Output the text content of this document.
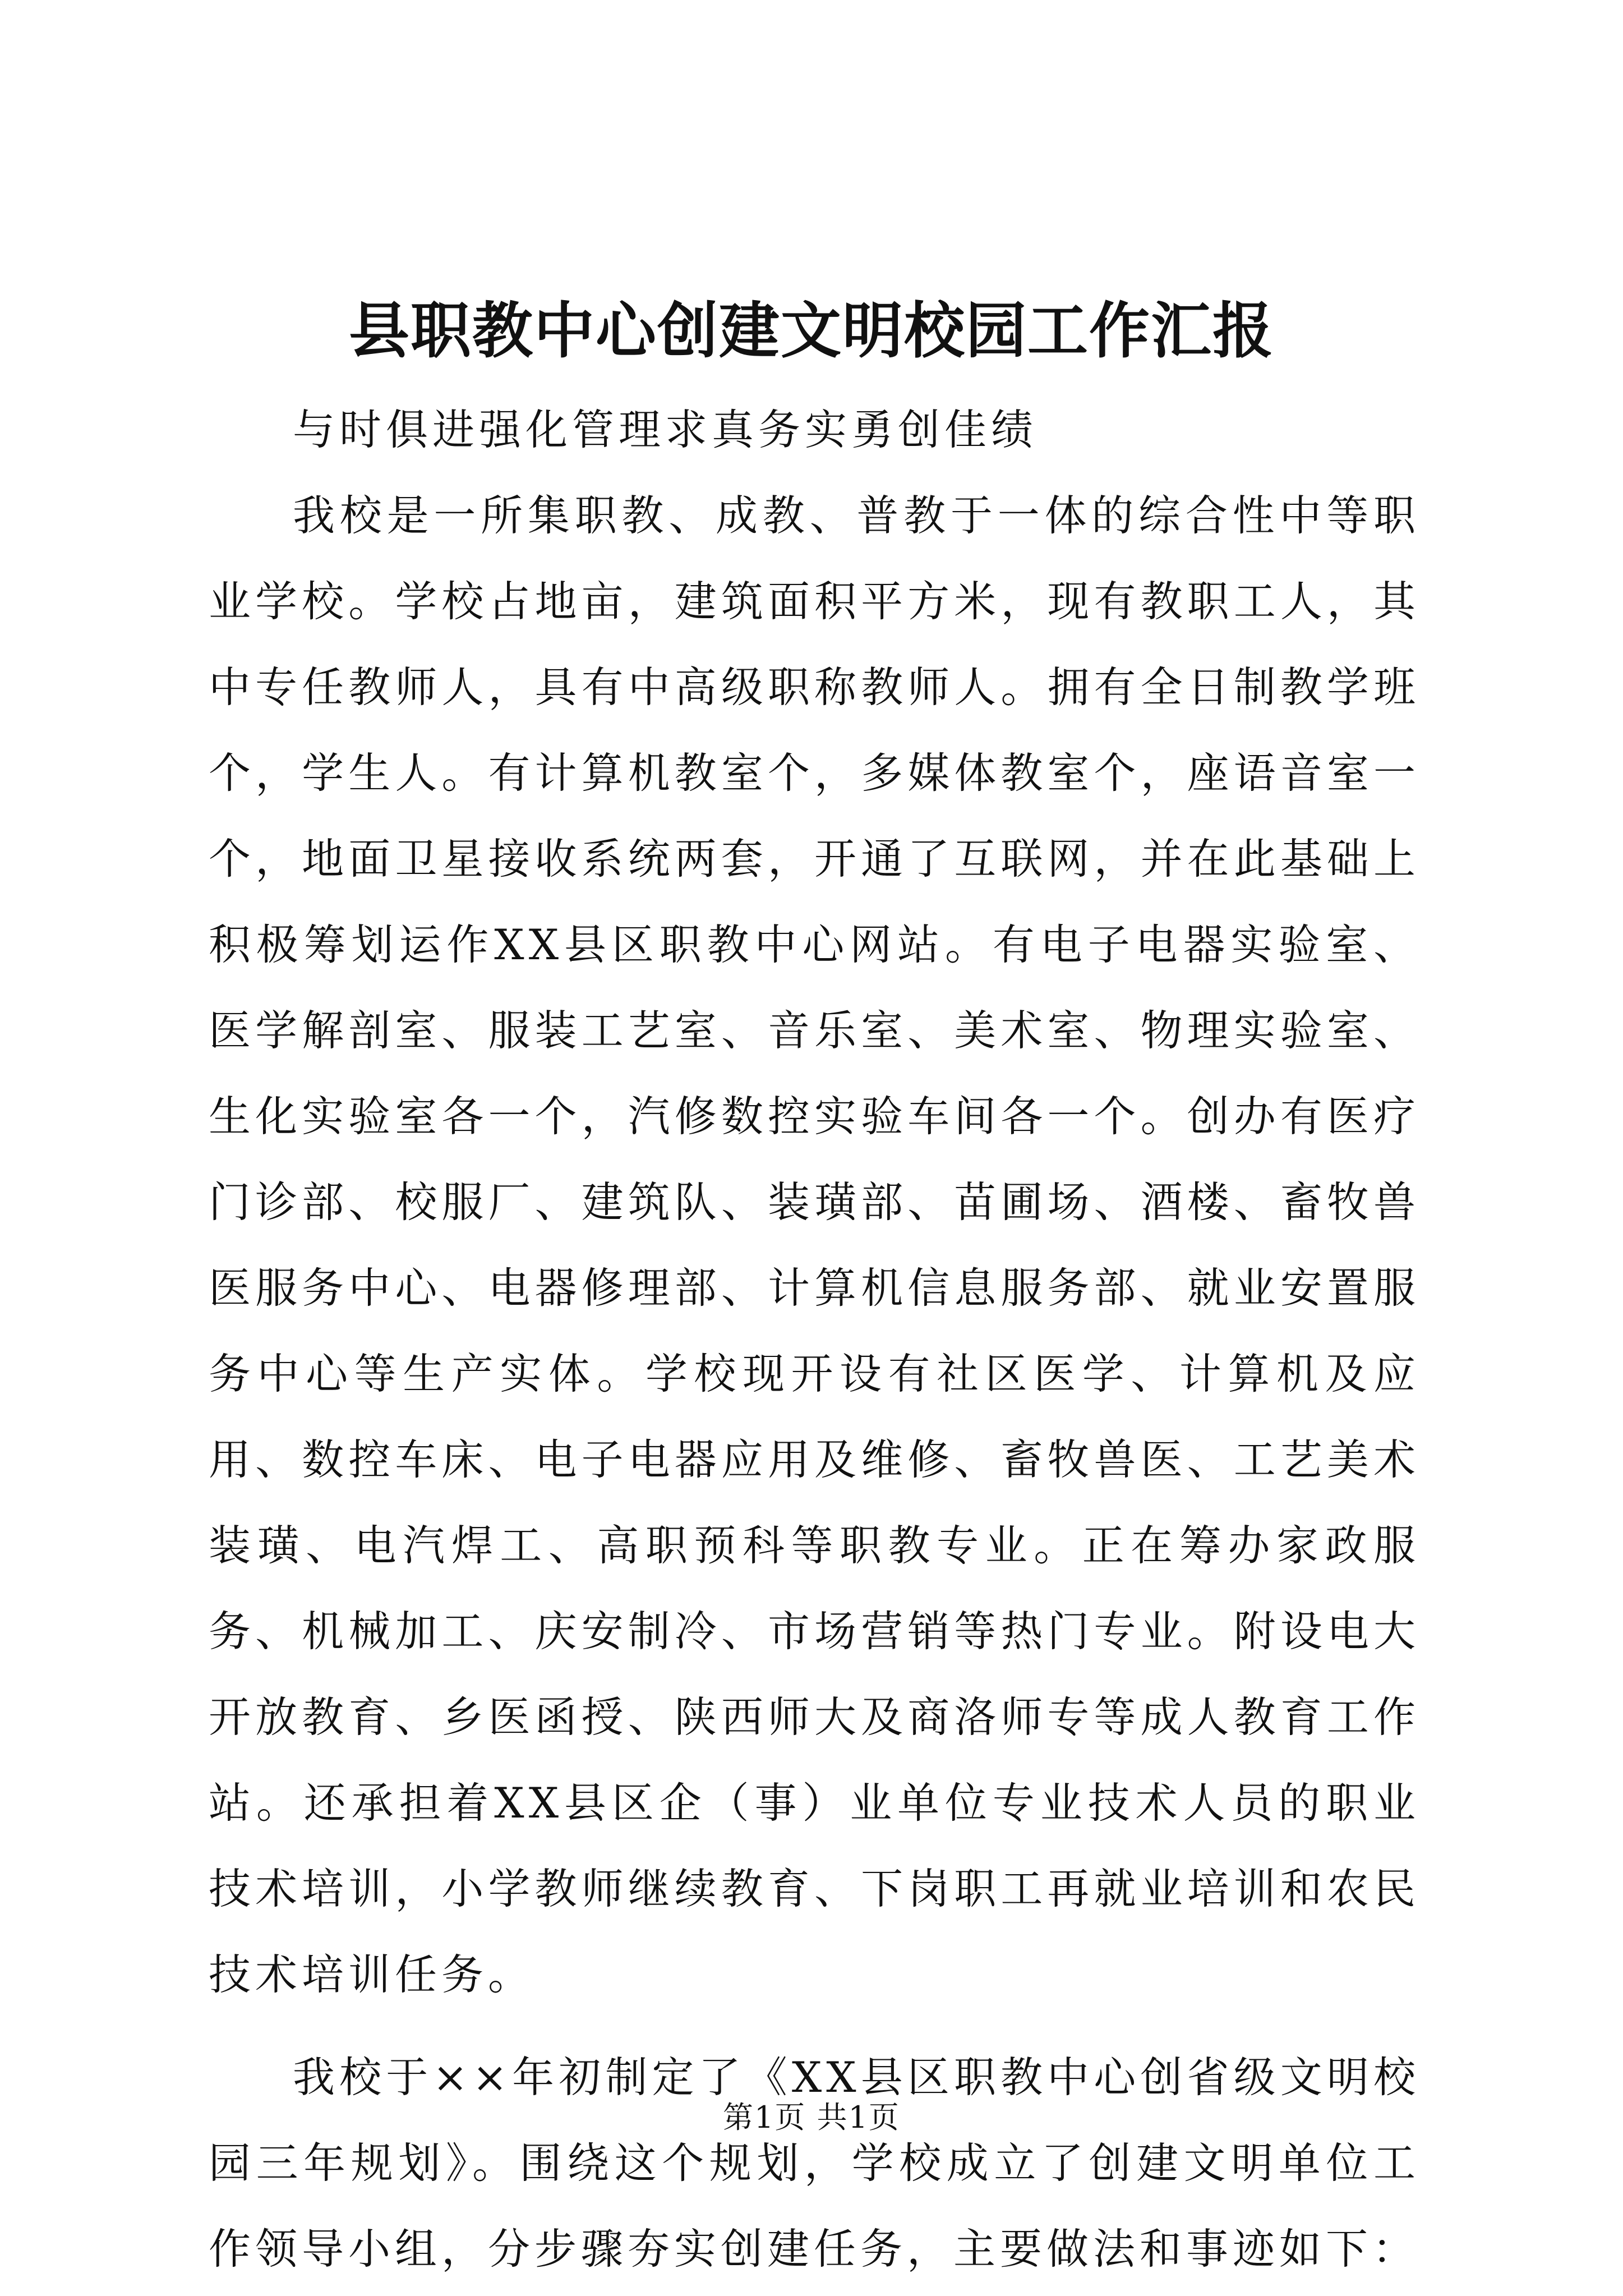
县职教中心创建文明校园工作汇报

与时俱进强化管理求真务实勇创佳绩

我校是一所集职教、成教、普教于一体的综合性中等职业学校。学校占地亩，建筑面积平方米，现有教职工人，其中专任教师人，具有中高级职称教师人。拥有全日制教学班个，学生人。有计算机教室个，多媒体教室个，座语音室一个，地面卫星接收系统两套，开通了互联网，并在此基础上积极筹划运作XX县区职教中心网站。有电子电器实验室、医学解剖室、服装工艺室、音乐室、美术室、物理实验室、生化实验室各一个，汽修数控实验车间各一个。创办有医疗门诊部、校服厂、建筑队、装璜部、苗圃场、酒楼、畜牧兽医服务中心、电器修理部、计算机信息服务部、就业安置服务中心等生产实体。学校现开设有社区医学、计算机及应用、数控车床、电子电器应用及维修、畜牧兽医、工艺美术装璜、电汽焊工、高职预科等职教专业。正在筹办家政服务、机械加工、庆安制冷、市场营销等热门专业。附设电大开放教育、乡医函授、陕西师大及商洛师专等成人教育工作站。还承担着XX县区企（事）业单位专业技术人员的职业技术培训，小学教师继续教育、下岗职工再就业培训和农民技术培训任务。

我校于××年初制定了《XX县区职教中心创省级文明校园三年规划》。围绕这个规划，学校成立了创建文明单位工作领导小组，分步骤夯实创建任务，主要做法和事迹如下：

第1页 共1页
